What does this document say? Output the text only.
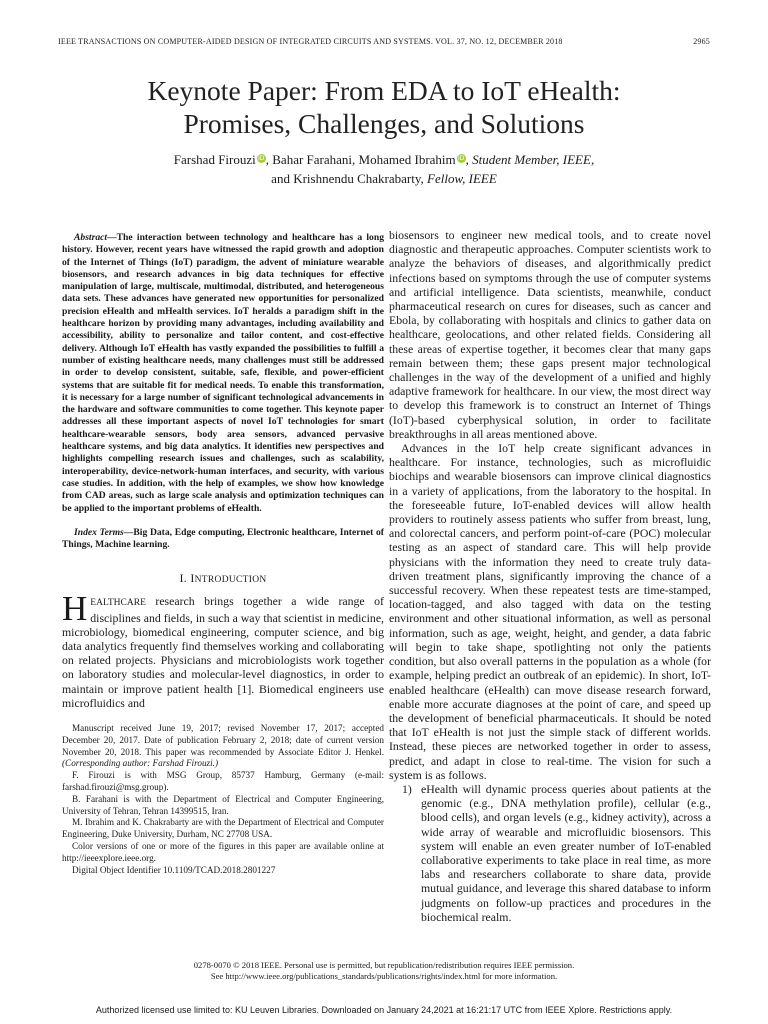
IEEE TRANSACTIONS ON COMPUTER-AIDED DESIGN OF INTEGRATED CIRCUITS AND SYSTEMS. VOL. 37, NO. 12, DECEMBER 2018	2965
Keynote Paper: From EDA to IoT eHealth:
Promises, Challenges, and Solutions
Farshad Firouzi iD, Bahar Farahani, Mohamed Ibrahim iD, Student Member, IEEE,
and Krishnendu Chakrabarty, Fellow, IEEE

Abstract—The interaction between technology and healthcare has a long history. However, recent years have witnessed the rapid growth and adoption of the Internet of Things (IoT) paradigm, the advent of miniature wearable biosensors, and research advances in big data techniques for effective manipulation of large, multiscale, multimodal, distributed, and heterogeneous data sets. These advances have generated new opportunities for personalized precision eHealth and mHealth services. IoT heralds a paradigm shift in the healthcare horizon by providing many advantages, including availability and accessibility, ability to personalize and tailor content, and cost-effective delivery. Although IoT eHealth has vastly expanded the possibilities to fulfill a number of existing healthcare needs, many challenges must still be addressed in order to develop consistent, suitable, safe, flexible, and power-efficient systems that are suitable fit for medical needs. To enable this transformation, it is necessary for a large number of significant technological advancements in the hardware and software communities to come together. This keynote paper addresses all these important aspects of novel IoT technologies for smart healthcare-wearable sensors, body area sensors, advanced pervasive healthcare systems, and big data analytics. It identifies new perspectives and highlights compelling research issues and challenges, such as scalability, interoperability, device-network-human interfaces, and security, with various case studies. In addition, with the help of examples, we show how knowledge from CAD areas, such as large scale analysis and optimization techniques can be applied to the important problems of eHealth.

Index Terms—Big Data, Edge computing, Electronic healthcare, Internet of Things, Machine learning.

I. INTRODUCTION

HEALTHCARE research brings together a wide range of disciplines and fields, in such a way that scientist in medicine, microbiology, biomedical engineering, computer science, and big data analytics frequently find themselves working and collaborating on related projects. Physicians and microbiologists work together on laboratory studies and molecular-level diagnostics, in order to maintain or improve patient health [1]. Biomedical engineers use microfluidics and

Manuscript received June 19, 2017; revised November 17, 2017; accepted December 20, 2017. Date of publication February 2, 2018; date of current version November 20, 2018. This paper was recommended by Associate Editor J. Henkel. (Corresponding author: Farshad Firouzi.)

F. Firouzi is with MSG Group, 85737 Hamburg, Germany (e-mail: farshad.firouzi@msg.group).

B. Farahani is with the Department of Electrical and Computer Engineering, University of Tehran, Tehran 14399515, Iran.

M. Ibrahim and K. Chakrabarty are with the Department of Electrical and Computer Engineering, Duke University, Durham, NC 27708 USA.

Color versions of one or more of the figures in this paper are available online at http://ieeexplore.ieee.org.

Digital Object Identifier 10.1109/TCAD.2018.2801227

biosensors to engineer new medical tools, and to create novel diagnostic and therapeutic approaches. Computer scientists work to analyze the behaviors of diseases, and algorithmically predict infections based on symptoms through the use of computer systems and artificial intelligence. Data scientists, meanwhile, conduct pharmaceutical research on cures for diseases, such as cancer and Ebola, by collaborating with hospitals and clinics to gather data on healthcare, geolocations, and other related fields. Considering all these areas of expertise together, it becomes clear that many gaps remain between them; these gaps present major technological challenges in the way of the development of a unified and highly adaptive framework for healthcare. In our view, the most direct way to develop this framework is to construct an Internet of Things (IoT)-based cyberphysical solution, in order to facilitate breakthroughs in all areas mentioned above.

Advances in the IoT help create significant advances in healthcare. For instance, technologies, such as microfluidic biochips and wearable biosensors can improve clinical diagnostics in a variety of applications, from the laboratory to the hospital. In the foreseeable future, IoT-enabled devices will allow health providers to routinely assess patients who suffer from breast, lung, and colorectal cancers, and perform point-of-care (POC) molecular testing as an aspect of standard care. This will help provide physicians with the information they need to create truly data-driven treatment plans, significantly improving the chance of a successful recovery. When these repeatest tests are time-stamped, location-tagged, and also tagged with data on the testing environment and other situational information, as well as personal information, such as age, weight, height, and gender, a data fabric will begin to take shape, spotlighting not only the patients condition, but also overall patterns in the population as a whole (for example, helping predict an outbreak of an epidemic). In short, IoT-enabled healthcare (eHealth) can move disease research forward, enable more accurate diagnoses at the point of care, and speed up the development of beneficial pharmaceuticals. It should be noted that IoT eHealth is not just the simple stack of different worlds. Instead, these pieces are networked together in order to assess, predict, and adapt in close to real-time. The vision for such a system is as follows.

1) eHealth will dynamic process queries about patients at the genomic (e.g., DNA methylation profile), cellular (e.g., blood cells), and organ levels (e.g., kidney activity), across a wide array of wearable and microfluidic biosensors. This system will enable an even greater number of IoT-enabled collaborative experiments to take place in real time, as more labs and researchers collaborate to share data, provide mutual guidance, and leverage this shared database to inform judgments on follow-up practices and procedures in the biochemical realm.
0278-0070 © 2018 IEEE. Personal use is permitted, but republication/redistribution requires IEEE permission.
See http://www.ieee.org/publications_standards/publications/rights/index.html for more information.
Authorized licensed use limited to: KU Leuven Libraries. Downloaded on January 24,2021 at 16:21:17 UTC from IEEE Xplore. Restrictions apply.
